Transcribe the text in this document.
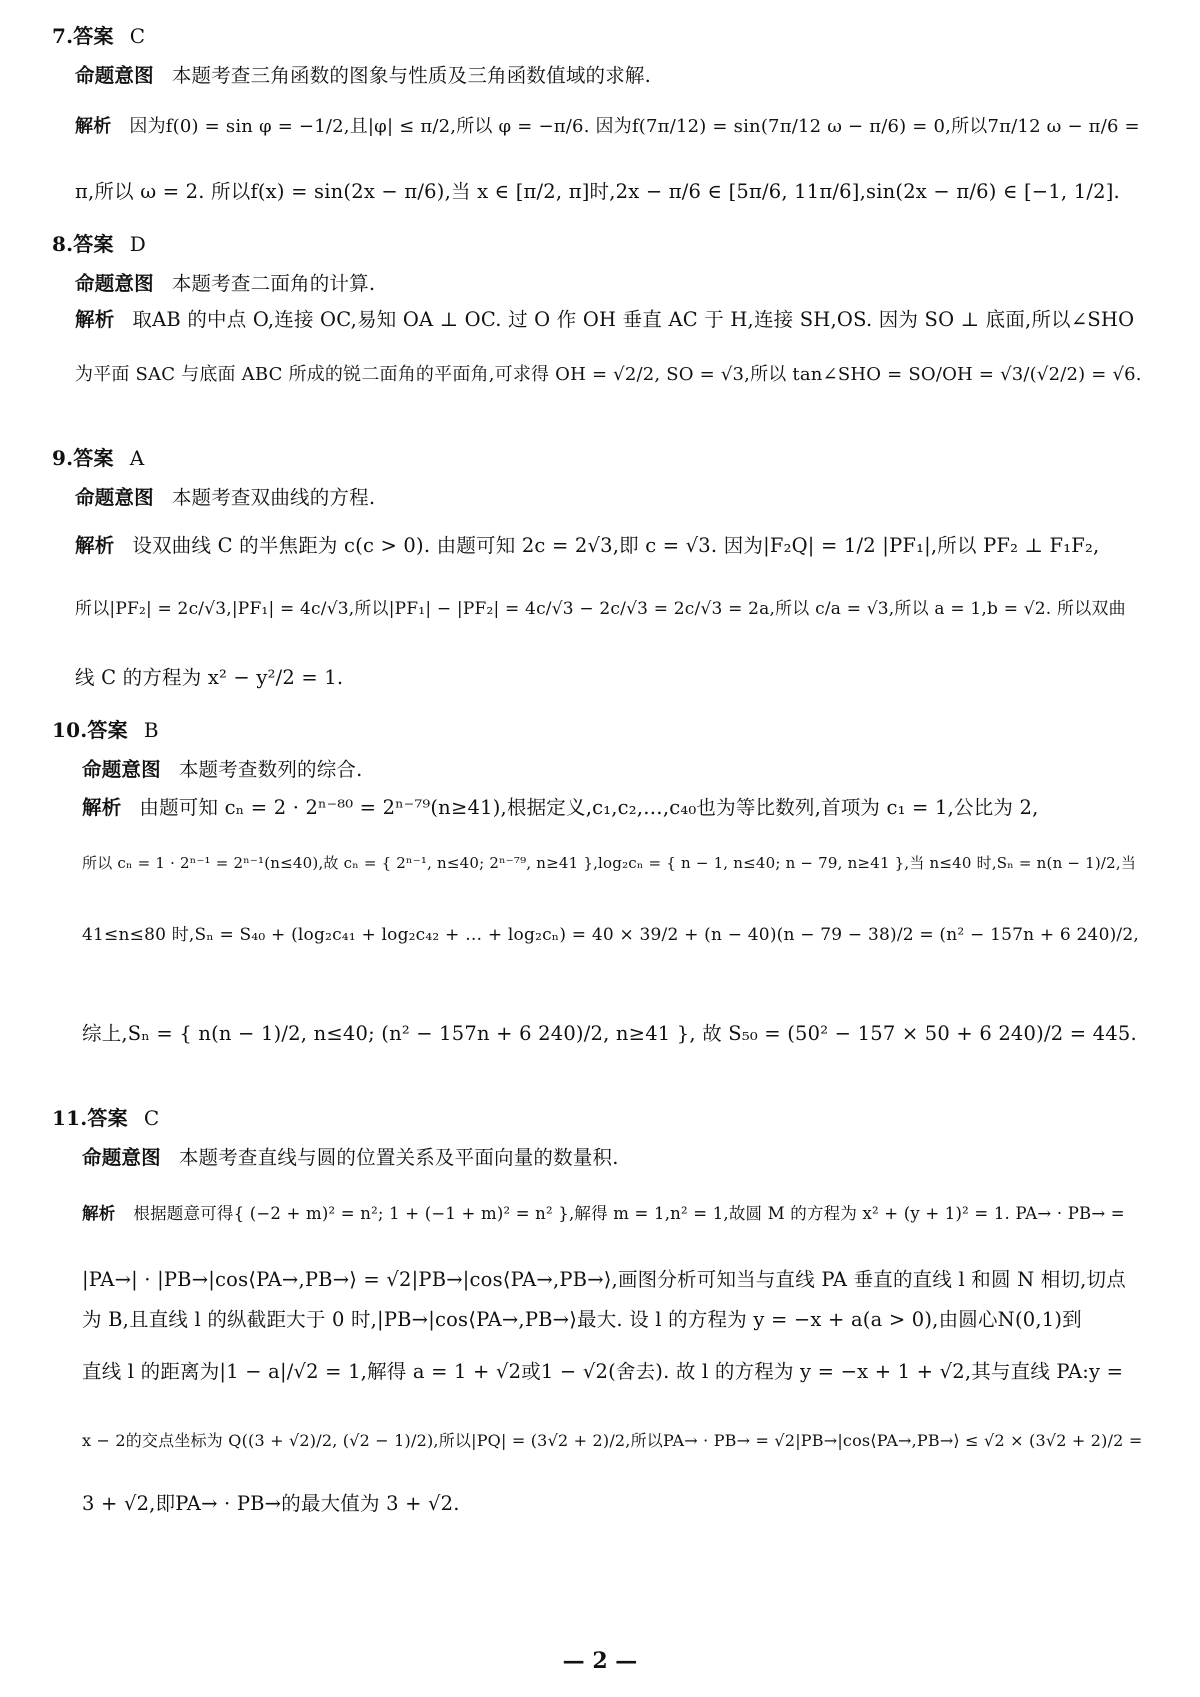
7.答案 C
命题意图 本题考查三角函数的图象与性质及三角函数值域的求解.
解析 因为f(0) = sin φ = −1/2,且|φ| ≤ π/2,所以 φ = −π/6. 因为f(7π/12) = sin(7π/12 ω − π/6) = 0,所以7π/12 ω − π/6 =
π,所以 ω = 2. 所以f(x) = sin(2x − π/6),当 x ∈ [π/2, π]时,2x − π/6 ∈ [5π/6, 11π/6],sin(2x − π/6) ∈ [−1, 1/2].
8.答案 D
命题意图 本题考查二面角的计算.
解析 取AB 的中点 O,连接 OC,易知 OA ⊥ OC. 过 O 作 OH 垂直 AC 于 H,连接 SH,OS. 因为 SO ⊥ 底面,所以∠SHO
为平面 SAC 与底面 ABC 所成的锐二面角的平面角,可求得 OH = √2/2, SO = √3,所以 tan∠SHO = SO/OH = √3/(√2/2) = √6.
9.答案 A
命题意图 本题考查双曲线的方程.
解析 设双曲线 C 的半焦距为 c(c > 0). 由题可知 2c = 2√3,即 c = √3. 因为|F₂Q| = 1/2 |PF₁|,所以 PF₂ ⊥ F₁F₂,
所以|PF₂| = 2c/√3,|PF₁| = 4c/√3,所以|PF₁| − |PF₂| = 4c/√3 − 2c/√3 = 2c/√3 = 2a,所以 c/a = √3,所以 a = 1,b = √2. 所以双曲
线 C 的方程为 x² − y²/2 = 1.
10.答案 B
命题意图 本题考查数列的综合.
解析 由题可知 cₙ = 2 · 2ⁿ⁻⁸⁰ = 2ⁿ⁻⁷⁹(n≥41),根据定义,c₁,c₂,…,c₄₀也为等比数列,首项为 c₁ = 1,公比为 2,
所以 cₙ = 1 · 2ⁿ⁻¹ = 2ⁿ⁻¹(n≤40),故 cₙ = { 2ⁿ⁻¹, n≤40; 2ⁿ⁻⁷⁹, n≥41 },log₂cₙ = { n − 1, n≤40; n − 79, n≥41 },当 n≤40 时,Sₙ = n(n − 1)/2,当
41≤n≤80 时,Sₙ = S₄₀ + (log₂c₄₁ + log₂c₄₂ + … + log₂cₙ) = 40 × 39/2 + (n − 40)(n − 79 − 38)/2 = (n² − 157n + 6 240)/2,
综上,Sₙ = { n(n − 1)/2, n≤40; (n² − 157n + 6 240)/2, n≥41 }, 故 S₅₀ = (50² − 157 × 50 + 6 240)/2 = 445.
11.答案 C
命题意图 本题考查直线与圆的位置关系及平面向量的数量积.
解析 根据题意可得{ (−2 + m)² = n²; 1 + (−1 + m)² = n² },解得 m = 1,n² = 1,故圆 M 的方程为 x² + (y + 1)² = 1. PA→ · PB→ =
|PA→| · |PB→|cos⟨PA→,PB→⟩ = √2|PB→|cos⟨PA→,PB→⟩,画图分析可知当与直线 PA 垂直的直线 l 和圆 N 相切,切点
为 B,且直线 l 的纵截距大于 0 时,|PB→|cos⟨PA→,PB→⟩最大. 设 l 的方程为 y = −x + a(a > 0),由圆心N(0,1)到
直线 l 的距离为|1 − a|/√2 = 1,解得 a = 1 + √2或1 − √2(舍去). 故 l 的方程为 y = −x + 1 + √2,其与直线 PA:y =
x − 2的交点坐标为 Q((3 + √2)/2, (√2 − 1)/2),所以|PQ| = (3√2 + 2)/2,所以PA→ · PB→ = √2|PB→|cos⟨PA→,PB→⟩ ≤ √2 × (3√2 + 2)/2 =
3 + √2,即PA→ · PB→的最大值为 3 + √2.
— 2 —
